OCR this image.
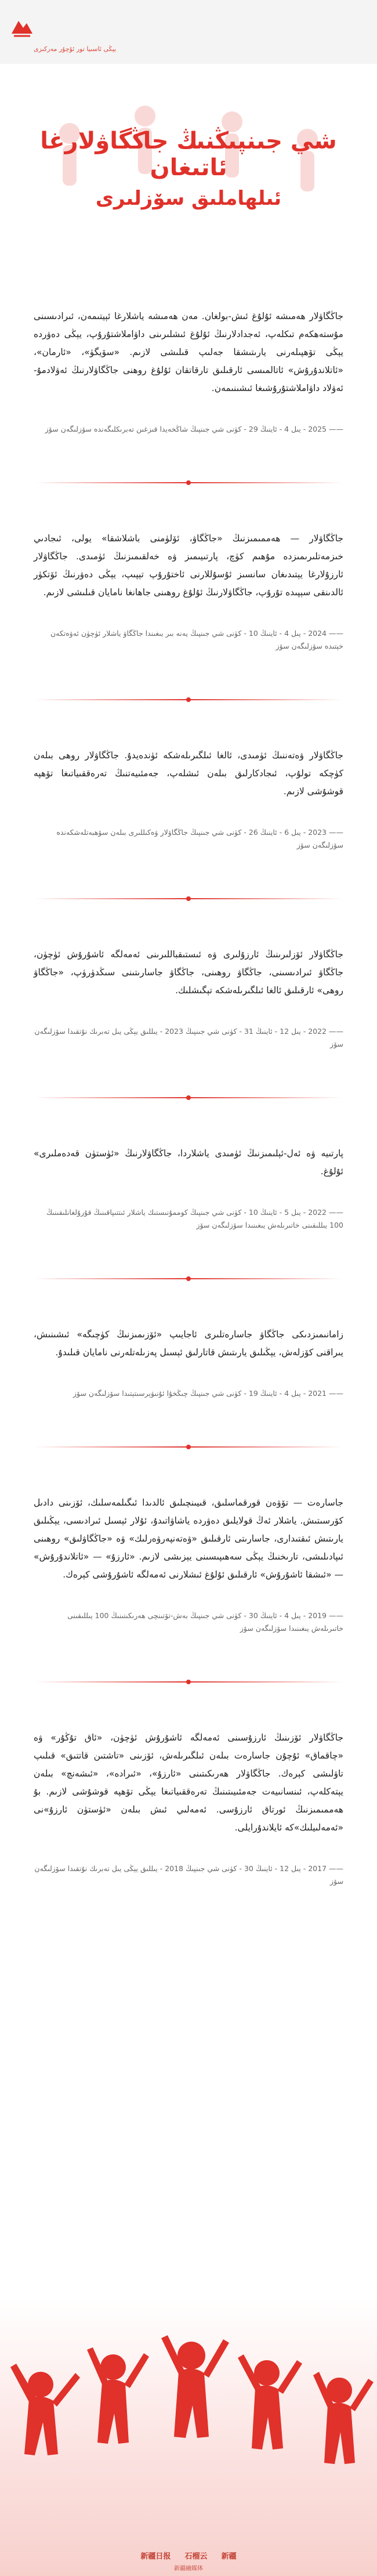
يېڭى ئاسىيا تور ئۇچۇر مەركىزى
شي جىنپىڭنىڭ جاڭگاۋلارغا ئاتىغان
ئىلھاملىق سۆزلىرى
جاڭگاۋلار ھەمىشە ئۇلۇغ ئىش-بولغان. مەن ھەمىشە ياشلارغا ئېيتىمەن، ئىرادىسىنى مۇستەھكەم تىكلەپ، ئەجدادلارنىڭ ئۇلۇغ ئىشلىرىنى داۋاملاشتۇرۇپ، يېڭى دەۋردە يېڭى تۆھپىلەرنى يارىتىشقا جەلىپ قىلىشى لازىم. «سۆيگۈ»، «ئارمان»، «ئاتلاندۇرۇش» ئاتالمىسى ئارقىلىق تارقاتقان ئۇلۇغ روھنى جاڭگاۋلارنىڭ ئەۋلادمۇ-ئەۋلاد داۋاملاشتۇرۇشىغا ئىشىنىمەن.
—— 2025 - يىل 4 - ئاينىڭ 29 - كۈنى شي جىنپىڭ شاڭخەيدا قىزغىن تەبرىكلىگەندە سۆزلىگەن سۆز
جاڭگاۋلار — ھەممىمىزنىڭ «جاڭگاۋ، ئۆلۈمنى باشلاشقا» يولى، ئىجادىي خىزمەتلىرىمىزدە مۇھىم كۈچ، پارتىيىمىز ۋە خەلقىمىزنىڭ ئۈمىدى. جاڭگاۋلار ئارزۇلارغا يېتىدىغان سانسىز ئۇسۇللارنى ئاختۇرۇپ تېپىپ، يېڭى دەۋرنىڭ ئۆتكۈر ئالدىنقى سېپىدە تۇرۇپ، جاڭگاۋلارنىڭ ئۇلۇغ روھىنى جاھانغا نامايان قىلىشى لازىم.
—— 2024 - يىل 4 - ئاينىڭ 10 - كۈنى شي جىنپىڭ يەنە بىر يىغىندا جاڭگاۋ ياشلار ئۈچۈن ئەۋەتكەن خېتىدە سۆزلىگەن سۆز
جاڭگاۋلار ۋەتەننىڭ ئۈمىدى، ئالغا ئىلگىرىلەشكە ئۈندەيدۇ. جاڭگاۋلار روھى بىلەن كۈچكە تولۇپ، ئىجادكارلىق بىلەن ئىشلەپ، جەمئىيەتنىڭ تەرەققىياتىغا تۆھپە قوشۇشى لازىم.
—— 2023 - يىل 6 - ئاينىڭ 26 - كۈنى شي جىنپىڭ جاڭگاۋلار ۋەكىللىرى بىلەن سۆھبەتلەشكەندە سۆزلىگەن سۆز
جاڭگاۋلار ئۆزلىرىنىڭ ئارزۇلىرى ۋە ئىستىقباللىرىنى ئەمەلگە ئاشۇرۇش ئۈچۈن، جاڭگاۋ ئىرادىسىنى، جاڭگاۋ روھىنى، جاڭگاۋ جاسارىتىنى سىڭدۈرۈپ، «جاڭگاۋ روھى» ئارقىلىق ئالغا ئىلگىرىلەشكە تېگىشلىك.
—— 2022 - يىل 12 - ئاينىڭ 31 - كۈنى شي جىنپىڭ 2023 - يىللىق يېڭى يىل تەبرىك نۇتقىدا سۆزلىگەن سۆز
پارتىيە ۋە ئەل-ئېلىمىزنىڭ ئۈمىدى ياشلاردا، جاڭگاۋلارنىڭ «ئۈستۈن قەدەملىرى» ئۇلۇغ.
—— 2022 - يىل 5 - ئاينىڭ 10 - كۈنى شي جىنپىڭ كوممۇنىستىك ياشلار ئىتتىپاقىنىڭ قۇرۇلغانلىقىنىڭ 100 يىللىقىنى خاتىرىلەش يىغىنىدا سۆزلىگەن سۆز
زامانىمىزدىكى جاڭگاۋ جاسارەتلىرى ئاجايىپ «ئۆزىمىزنىڭ كۈچىگە» ئىشىنىش، يىراقنى كۆزلەش، يېڭىلىق يارىتىش قاتارلىق ئېسىل پەزىلەتلەرنى نامايان قىلىدۇ.
—— 2021 - يىل 4 - ئاينىڭ 19 - كۈنى شي جىنپىڭ چىڭخۇا ئۇنىۋېرسىتېتىدا سۆزلىگەن سۆز
جاسارەت — تۆۋەن قورقماسلىق، قىيىنچىلىق ئالدىدا ئىگىلمەسلىك، ئۆزىنى دادىل كۆرسىتىش. ياشلار ئەڭ قولايلىق دەۋردە ياشاۋاتىدۇ، ئۇلار ئېسىل ئىرادىسى، يېڭىلىق يارىتىش ئىقتىدارى، جاسارىتى ئارقىلىق «ۋەتەنپەرۋەرلىك» ۋە «جاڭگاۋلىق» روھىنى ئىپادىلىشى، تارىخنىڭ يېڭى سەھىپىسىنى يېزىشى لازىم. «ئارزۇ» — «ئاتلاندۇرۇش» — «ئىشقا ئاشۇرۇش» ئارقىلىق ئۇلۇغ ئىشلارنى ئەمەلگە ئاشۇرۇشى كېرەك.
—— 2019 - يىل 4 - ئاينىڭ 30 - كۈنى شي جىنپىڭ بەش-تۆتىنچى ھەرىكىتىنىڭ 100 يىللىقىنى خاتىرىلەش يىغىنىدا سۆزلىگەن سۆز
جاڭگاۋلار ئۆزىنىڭ ئارزۇسىنى ئەمەلگە ئاشۇرۇش ئۈچۈن، «ئاق تۇڭۇر» ۋە «چاقماق» ئۇچۇن جاسارەت بىلەن ئىلگىرىلەش، ئۆزىنى «تاشتىن قاتتىق» قىلىپ تاۋلىشى كېرەك. جاڭگاۋلار ھەرىكىتىنى «ئارزۇ»، «ئىرادە»، «ئىشەنچ» بىلەن يېتەكلەپ، ئىنسانىيەت جەمئىيىتىنىڭ تەرەققىياتىغا يېڭى تۆھپە قوشۇشى لازىم. بۇ ھەممىمىزنىڭ ئورتاق ئارزۇسى. ئەمەلىي ئىش بىلەن «ئۈستۈن ئارزۇ»نى «ئەمەلىيلىك»كە ئايلاندۇرايلى.
—— 2017 - يىل 12 - ئاينىڭ 30 - كۈنى شي جىنپىڭ 2018 - يىللىق يېڭى يىل تەبرىك نۇتقىدا سۆزلىگەن سۆز
新疆日报 石榴云 新疆
新疆融媒体
